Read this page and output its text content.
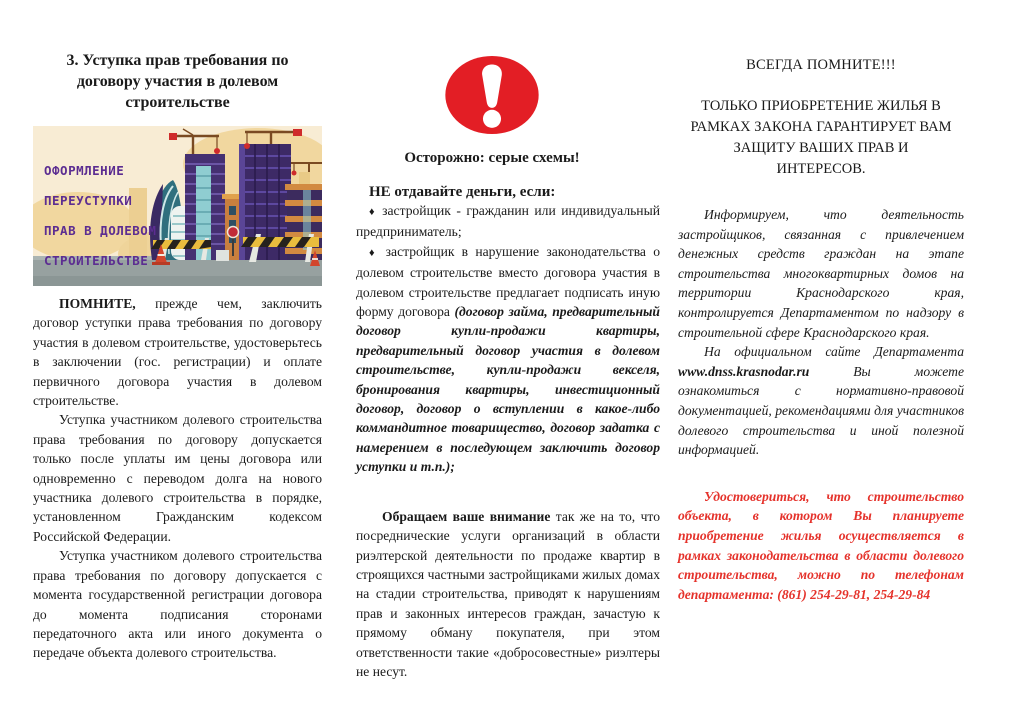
3. Уступка прав требования по договору участия в долевом строительстве
ОФОРМЛЕНИЕ
ПЕРЕУСТУПКИ
ПРАВ В ДОЛЕВОМ
СТРОИТЕЛЬСТВЕ

ПОМНИТЕ, прежде чем, заключить договор уступки права требования по договору участия в долевом строительстве, удостоверьтесь в заключении (гос. регистрации) и оплате первичного договора участия в долевом строительстве.

Уступка участником долевого строительства права требования по договору допускается только после уплаты им цены договора или одновременно с переводом долга на нового участника долевого строительства в порядке, установленном Гражданским кодексом Российской Федерации.

Уступка участником долевого строительства права требования по договору допускается с момента государственной регистрации договора до момента подписания сторонами передаточного акта или иного документа о передаче объекта долевого строительства.

Осторожно: серые схемы!
НЕ отдавайте деньги, если:

♦ застройщик - гражданин или индивидуальный предприниматель;

♦ застройщик в нарушение законодательства о долевом строительстве вместо договора участия в долевом строительстве предлагает подписать иную форму договора (договор займа, предварительный договор купли-продажи квартиры, предварительный договор участия в долевом строительстве, купли-продажи векселя, бронирования квартиры, инвестиционный договор, договор о вступлении в какое-либо коммандитное товарищество, договор задатка с намерением в последующем заключить договор уступки и т.п.);

Обращаем ваше внимание так же на то, что посреднические услуги организаций в области риэлтерской деятельности по продаже квартир в строящихся частными застройщиками жилых домах на стадии строительства, приводят к нарушениям прав и законных интересов граждан, зачастую к прямому обману покупателя, при этом ответственности такие «добросовестные» риэлтеры не несут.

ВСЕГДА ПОМНИТЕ!!!
ТОЛЬКО ПРИОБРЕТЕНИЕ ЖИЛЬЯ В РАМКАХ ЗАКОНА ГАРАНТИРУЕТ ВАМ ЗАЩИТУ ВАШИХ ПРАВ И ИНТЕРЕСОВ.

Информируем, что деятельность застройщиков, связанная с привлечением денежных средств граждан на этапе строительства многоквартирных домов на территории Краснодарского края, контролируется Департаментом по надзору в строительной сфере Краснодарского края.

На официальном сайте Департамента www.dnss.krasnodar.ru Вы можете ознакомиться с нормативно-правовой документацией, рекомендациями для участников долевого строительства и иной полезной информацией.

Удостовериться, что строительство объекта, в котором Вы планируете приобретение жилья осуществляется в рамках законодательства в области долевого строительства, можно по телефонам департамента: (861) 254-29-81, 254-29-84
